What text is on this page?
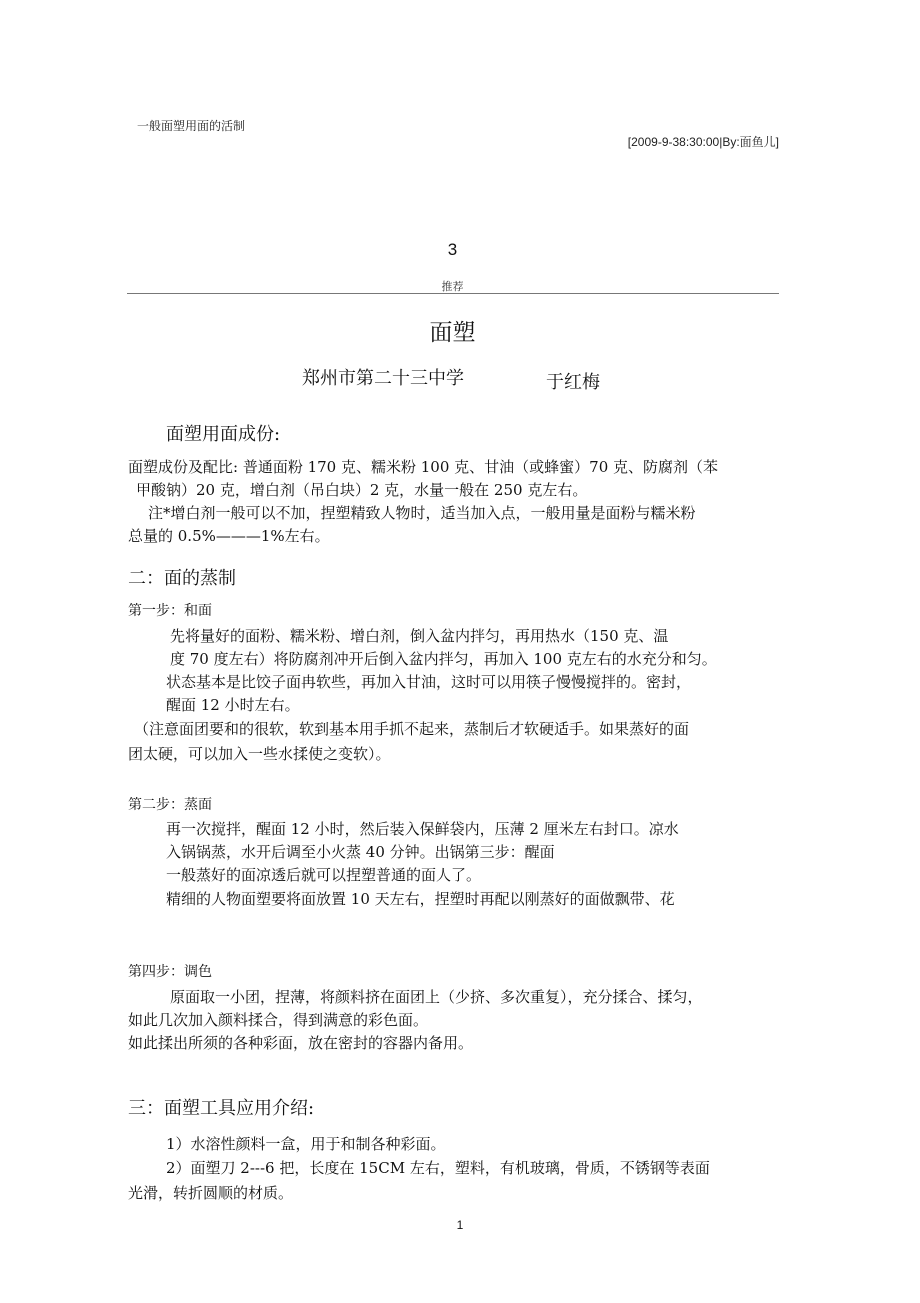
一般面塑用面的活制
[2009-9-38:30:00|By:面鱼儿]
3
推荐
面塑
郑州市第二十三中学	于红梅
面塑用面成份:
面塑成份及配比: 普通面粉 170 克、糯米粉 100 克、甘油（或蜂蜜）70 克、防腐剂（苯
甲酸钠）20 克，增白剂（吊白块）2 克，水量一般在 250 克左右。
注*增白剂一般可以不加，捏塑精致人物时，适当加入点，一般用量是面粉与糯米粉
总量的 0.5%———1%左右。
二：面的蒸制
第一步：和面
先将量好的面粉、糯米粉、增白剂，倒入盆内拌匀，再用热水（150 克、温
度 70 度左右）将防腐剂冲开后倒入盆内拌匀，再加入 100 克左右的水充分和匀。
状态基本是比饺子面冉软些，再加入甘油，这时可以用筷子慢慢搅拌的。密封，
醒面 12 小时左右。
（注意面团要和的很软，软到基本用手抓不起来，蒸制后才软硬适手。如果蒸好的面
团太硬，可以加入一些水揉使之变软）。
第二步：蒸面
再一次搅拌，醒面 12 小时，然后装入保鲜袋内，压薄 2 厘米左右封口。凉水
入锅锅蒸，水开后调至小火蒸 40 分钟。出锅第三步：醒面
一般蒸好的面凉透后就可以捏塑普通的面人了。
精细的人物面塑要将面放置 10 天左右，捏塑时再配以刚蒸好的面做飘带、花
第四步：调色
原面取一小团，捏薄，将颜料挤在面团上（少挤、多次重复），充分揉合、揉匀，
如此几次加入颜料揉合，得到满意的彩色面。
如此揉出所须的各种彩面，放在密封的容器内备用。
三：面塑工具应用介绍:
1）水溶性颜料一盒，用于和制各种彩面。
2）面塑刀 2---6 把，长度在 15CM 左右，塑料，有机玻璃，骨质，不锈钢等表面
光滑，转折圆顺的材质。
1
